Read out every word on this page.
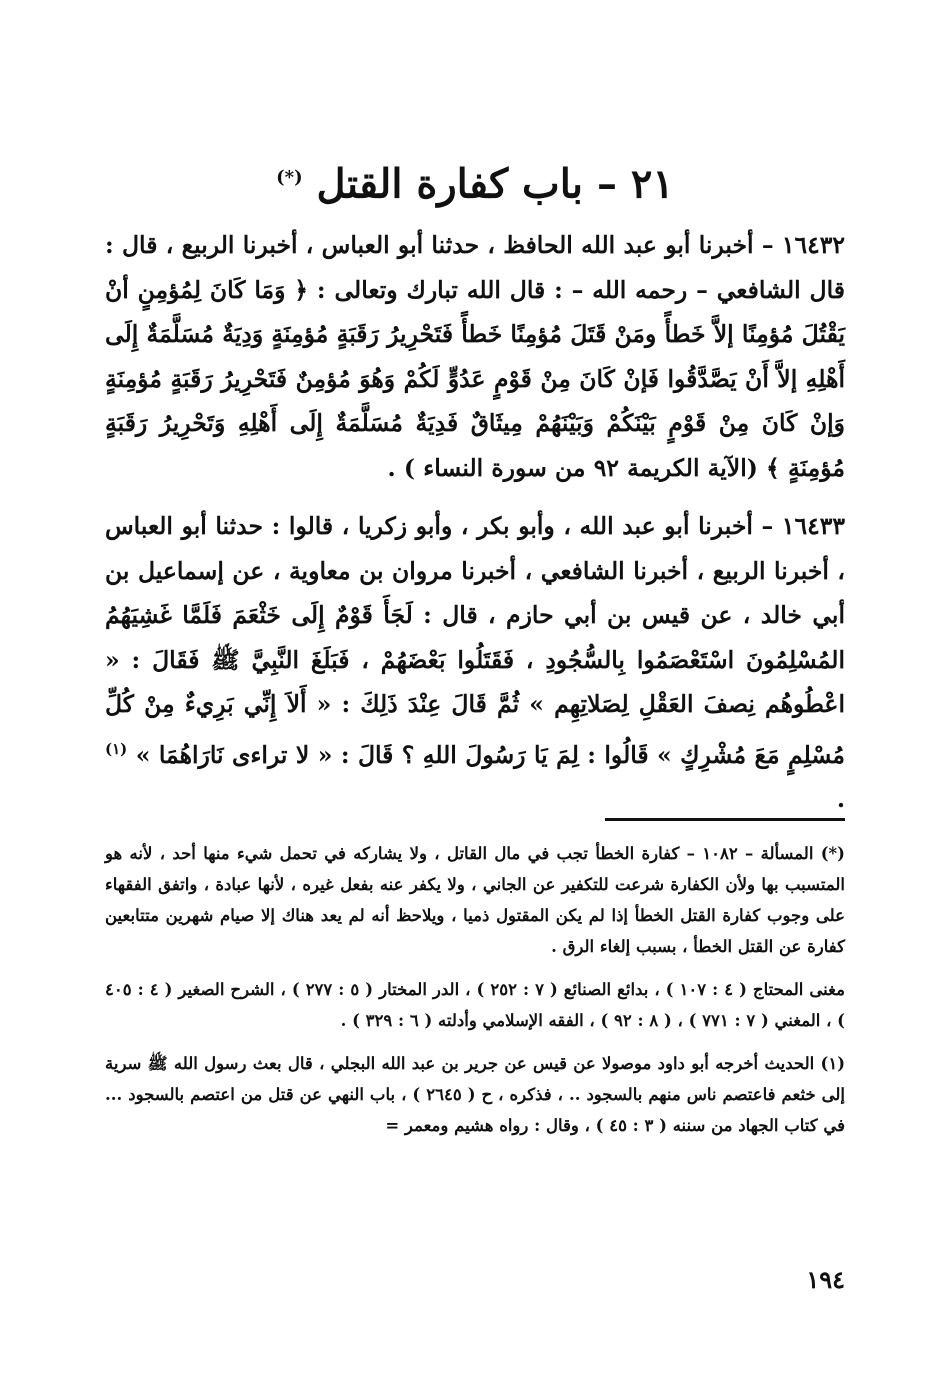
٢١ – باب كفارة القتل (*)

١٦٤٣٢ – أخبرنا أبو عبد الله الحافظ ، حدثنا أبو العباس ، أخبرنا الربيع ، قال : قال الشافعي – رحمه الله – : قال الله تبارك وتعالى : ﴿ وَمَا كَانَ لِمُؤمِنٍ أنْ يَقْتُلَ مُؤمِنًا إلاَّ خَطأً ومَنْ قَتَلَ مُؤمِنًا خَطأً فَتَحْرِيرُ رَقَبَةٍ مُؤمِنَةٍ وَدِيَةٌ مُسَلَّمَةٌ إِلَى أَهْلِهِ إلاَّ أَنْ يَصَّدَّقُوا فَإنْ كَانَ مِنْ قَوْمٍ عَدُوٍّ لَكُمْ وَهُوَ مُؤمِنٌ فَتَحْرِيرُ رَقَبَةٍ مُؤمِنَةٍ وَإنْ كَانَ مِنْ قَوْمٍ بَيْنَكُمْ وَبَيْنَهُمْ مِيثَاقٌ فَدِيَةٌ مُسَلَّمَةٌ إِلَى أَهْلِهِ وَتَحْرِيرُ رَقَبَةٍ مُؤمِنَةٍ ﴾ (الآية الكريمة ٩٢ من سورة النساء ) .

١٦٤٣٣ – أخبرنا أبو عبد الله ، وأبو بكر ، وأبو زكريا ، قالوا : حدثنا أبو العباس ، أخبرنا الربيع ، أخبرنا الشافعي ، أخبرنا مروان بن معاوية ، عن إسماعيل بن أبي خالد ، عن قيس بن أبي حازم ، قال : لَجَأَ قَوْمٌ إِلَى خَثْعَمَ فَلَمَّا غَشِيَهُمُ المُسْلِمُونَ اسْتَعْصَمُوا بِالسُّجُودِ ، فَقَتَلُوا بَعْضَهُمْ ، فَبَلَغَ النَّبِيَّ ﷺ فَقَالَ : « اعْطُوهُم نِصفَ العَقْلِ لِصَلاتِهِم » ثُمَّ قَالَ عِنْدَ ذَلِكَ : « أَلاَ إِنِّي بَرِيءٌ مِنْ كُلِّ مُسْلِمٍ مَعَ مُشْرِكٍ » قَالُوا : لِمَ يَا رَسُولَ اللهِ ؟ قَالَ : « لا تراءى نَارَاهُمَا » $^{(١)}$ .

(*) المسألة – ١٠٨٢ – كفارة الخطأ تجب في مال القاتل ، ولا يشاركه في تحمل شيء منها أحد ، لأنه هو المتسبب بها ولأن الكفارة شرعت للتكفير عن الجاني ، ولا يكفر عنه بفعل غيره ، لأنها عبادة ، واتفق الفقهاء على وجوب كفارة القتل الخطأ إذا لم يكن المقتول ذميا ، ويلاحظ أنه لم يعد هناك إلا صيام شهرين متتابعين كفارة عن القتل الخطأ ، بسبب إلغاء الرق .

مغنى المحتاج ( ٤ : ١٠٧ ) ، بدائع الصنائع ( ٧ : ٢٥٢ ) ، الدر المختار ( ٥ : ٢٧٧ ) ، الشرح الصغير ( ٤ : ٤٠٥ ) ، المغني ( ٧ : ٧٧١ ) ، ( ٨ : ٩٢ ) ، الفقه الإسلامي وأدلته ( ٦ : ٣٢٩ ) .

(١) الحديث أخرجه أبو داود موصولا عن قيس عن جرير بن عبد الله البجلي ، قال بعث رسول الله ﷺ سرية إلى خثعم فاعتصم ناس منهم بالسجود .. ، فذكره ، ح ( ٢٦٤٥ ) ، باب النهي عن قتل من اعتصم بالسجود ... في كتاب الجهاد من سننه ( ٣ : ٤٥ ) ، وقال : رواه هشيم ومعمر =

١٩٤
